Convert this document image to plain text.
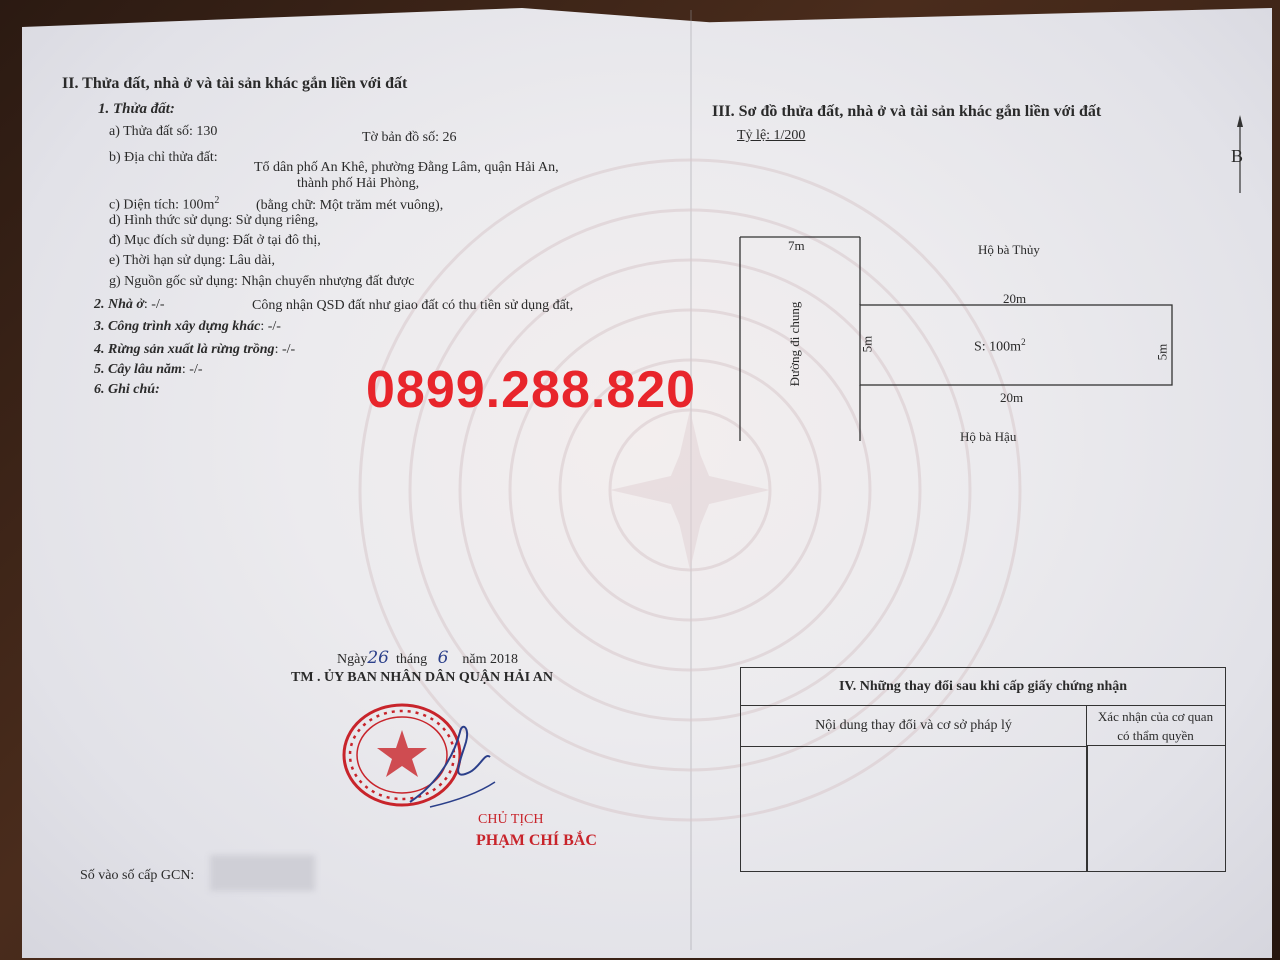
II. Thửa đất, nhà ở và tài sản khác gắn liền với đất
1. Thửa đất:
a) Thửa đất số: 130	Tờ bản đồ số: 26
b) Địa chỉ thửa đất:
Tổ dân phố An Khê, phường Đằng Lâm, quận Hải An,
thành phố Hải Phòng,
c) Diện tích: $100m^2$	(bằng chữ: Một trăm mét vuông),
d) Hình thức sử dụng: Sử dụng riêng,
đ) Mục đích sử dụng: Đất ở tại đô thị,
e) Thời hạn sử dụng: Lâu dài,
g) Nguồn gốc sử dụng: Nhận chuyển nhượng đất được
Công nhận QSD đất như giao đất có thu tiền sử dụng đất,
2. Nhà ở: -/-
3. Công trình xây dựng khác: -/-
4. Rừng sản xuất là rừng trồng: -/-
5. Cây lâu năm: -/-
6. Ghi chú:	0899.288.820
III. Sơ đồ thửa đất, nhà ở và tài sản khác gắn liền với đất
Tỷ lệ: 1/200
B
7m	Hộ bà Thủy
20m
Đường đi chung	5m	S: $100m^2$
5m
20m
Hộ bà Hậu
Ngày26 tháng 6 năm 2018
TM . ỦY BAN NHÂN DÂN QUẬN HẢI AN
CHỦ TỊCH
PHẠM CHÍ BẮC
Số vào số cấp GCN:
IV. Những thay đổi sau khi cấp giấy chứng nhận
Nội dung thay đổi và cơ sở pháp lý
Xác nhận của cơ quan
có thẩm quyền
